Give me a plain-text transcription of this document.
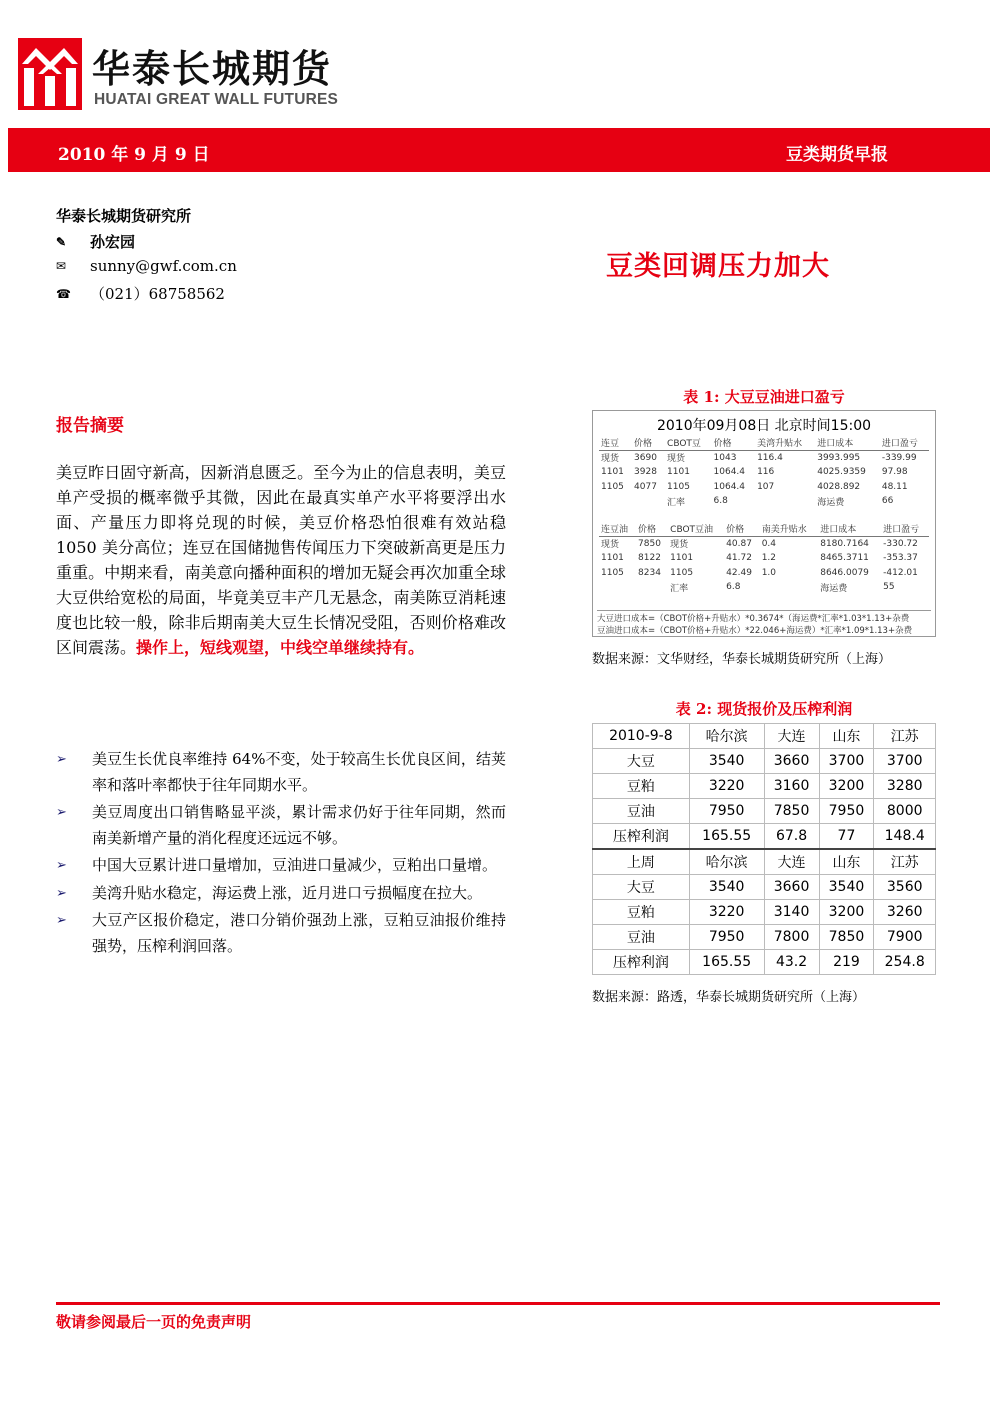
华泰长城期货
HUATAI GREAT WALL FUTURES
2010 年 9 月 9 日	豆类期货早报
华泰长城期货研究所
✎ 孙宏园
✉ sunny@gwf.com.cn
☎ （021）68758562
豆类回调压力加大
报告摘要
美豆昨日固守新高，因新消息匮乏。至今为止的信息表明，美豆单产受损的概率微乎其微，因此在最真实单产水平将要浮出水面、产量压力即将兑现的时候，美豆价格恐怕很难有效站稳 1050 美分高位；连豆在国储抛售传闻压力下突破新高更是压力重重。中期来看，南美意向播种面积的增加无疑会再次加重全球大豆供给宽松的局面，毕竟美豆丰产几无悬念，南美陈豆消耗速度也比较一般，除非后期南美大豆生长情况受阻，否则价格难改区间震荡。操作上，短线观望，中线空单继续持有。
➢ 美豆生长优良率维持 64%不变，处于较高生长优良区间，结荚率和落叶率都快于往年同期水平。
➢ 美豆周度出口销售略显平淡，累计需求仍好于往年同期，然而南美新增产量的消化程度还远远不够。
➢ 中国大豆累计进口量增加，豆油进口量减少，豆粕出口量增。
➢ 美湾升贴水稳定，海运费上涨，近月进口亏损幅度在拉大。
➢ 大豆产区报价稳定，港口分销价强劲上涨，豆粕豆油报价维持强势，压榨利润回落。
表 1: 大豆豆油进口盈亏
2010年09月08日 北京时间15:00
连豆	价格	CBOT豆	价格	美湾升贴水	进口成本	进口盈亏
现货	3690	现货	1043	116.4	3993.995	-339.99
1101	3928	1101	1064.4	116	4025.9359	97.98
1105	4077	1105	1064.4	107	4028.892	48.11
		汇率	6.8		海运费	66
连豆油	价格	CBOT豆油	价格	南美升贴水	进口成本	进口盈亏
现货	7850	现货	40.87	0.4	8180.7164	-330.72
1101	8122	1101	41.72	1.2	8465.3711	-353.37
1105	8234	1105	42.49	1.0	8646.0079	-412.01
		汇率	6.8		海运费	55
大豆进口成本=（CBOT价格+升贴水）*0.3674*（海运费*汇率*1.03*1.13+杂费
豆油进口成本=（CBOT价格+升贴水）*22.046+海运费）*汇率*1.09*1.13+杂费
数据来源：文华财经，华泰长城期货研究所（上海）
表 2: 现货报价及压榨利润
2010-9-8	哈尔滨	大连	山东	江苏
大豆	3540	3660	3700	3700
豆粕	3220	3160	3200	3280
豆油	7950	7850	7950	8000
压榨利润	165.55	67.8	77	148.4
上周	哈尔滨	大连	山东	江苏
大豆	3540	3660	3540	3560
豆粕	3220	3140	3200	3260
豆油	7950	7800	7850	7900
压榨利润	165.55	43.2	219	254.8
数据来源：路透，华泰长城期货研究所（上海）
敬请参阅最后一页的免责声明
